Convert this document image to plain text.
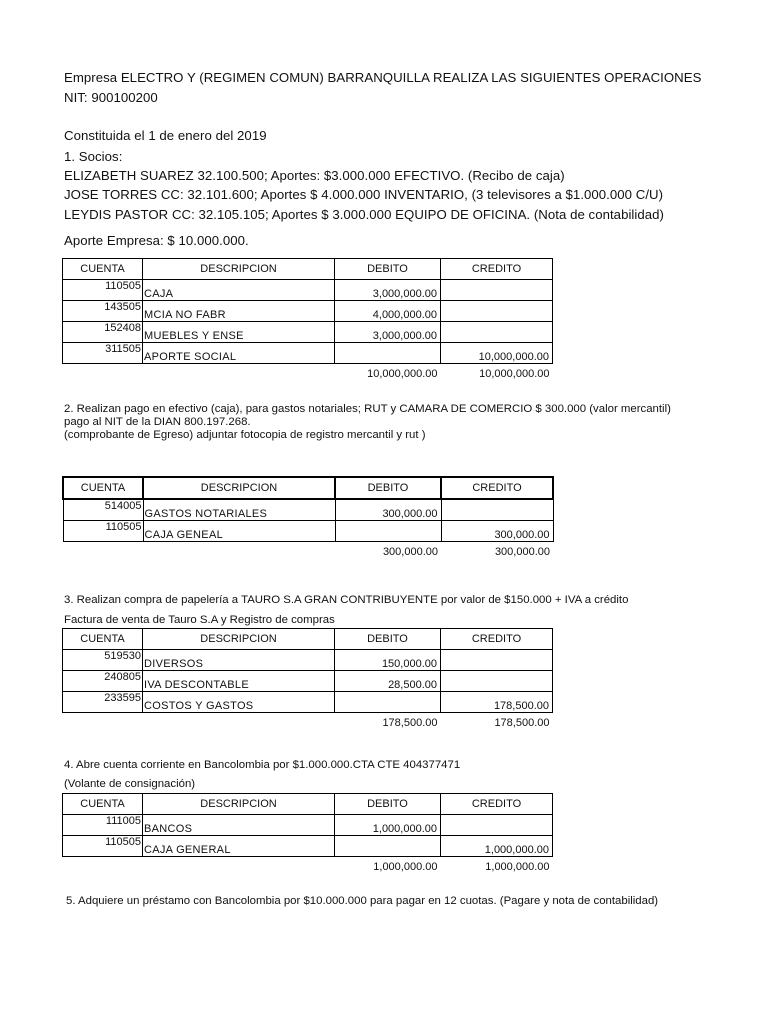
Empresa ELECTRO Y (REGIMEN COMUN) BARRANQUILLA REALIZA LAS SIGUIENTES OPERACIONES
NIT: 900100200
Constituida el 1 de enero del 2019
1. Socios:
ELIZABETH SUAREZ 32.100.500; Aportes: $3.000.000 EFECTIVO. (Recibo de caja)
JOSE TORRES CC: 32.101.600; Aportes $ 4.000.000 INVENTARIO, (3 televisores a $1.000.000 C/U)
LEYDIS PASTOR CC: 32.105.105; Aportes $ 3.000.000 EQUIPO DE OFICINA. (Nota de contabilidad)
Aporte Empresa: $ 10.000.000.
CUENTA	DESCRIPCION	DEBITO	CREDITO
110505	CAJA	3,000,000.00	
143505	MCIA NO FABR	4,000,000.00	
152408	MUEBLES Y ENSE	3,000,000.00	
311505	APORTE SOCIAL		10,000,000.00
		10,000,000.00	10,000,000.00
2. Realizan pago en efectivo (caja), para gastos notariales; RUT y CAMARA DE COMERCIO $ 300.000 (valor mercantil)
pago al NIT de la DIAN 800.197.268.
(comprobante de Egreso) adjuntar fotocopia de registro mercantil y rut )
CUENTA	DESCRIPCION	DEBITO	CREDITO
514005	GASTOS NOTARIALES	300,000.00	
110505	CAJA GENEAL		300,000.00
		300,000.00	300,000.00
3. Realizan compra de papelería a TAURO S.A GRAN CONTRIBUYENTE por valor de $150.000 + IVA a crédito
Factura de venta de Tauro S.A y Registro de compras
CUENTA	DESCRIPCION	DEBITO	CREDITO
519530	DIVERSOS	150,000.00	
240805	IVA DESCONTABLE	28,500.00	
233595	COSTOS Y GASTOS		178,500.00
		178,500.00	178,500.00
4. Abre cuenta corriente en Bancolombia por $1.000.000.CTA CTE 404377471
(Volante de consignación)
CUENTA	DESCRIPCION	DEBITO	CREDITO
111005	BANCOS	1,000,000.00	
110505	CAJA GENERAL		1,000,000.00
		1,000,000.00	1,000,000.00
5. Adquiere un préstamo con Bancolombia por $10.000.000 para pagar en 12 cuotas. (Pagare y nota de contabilidad)
